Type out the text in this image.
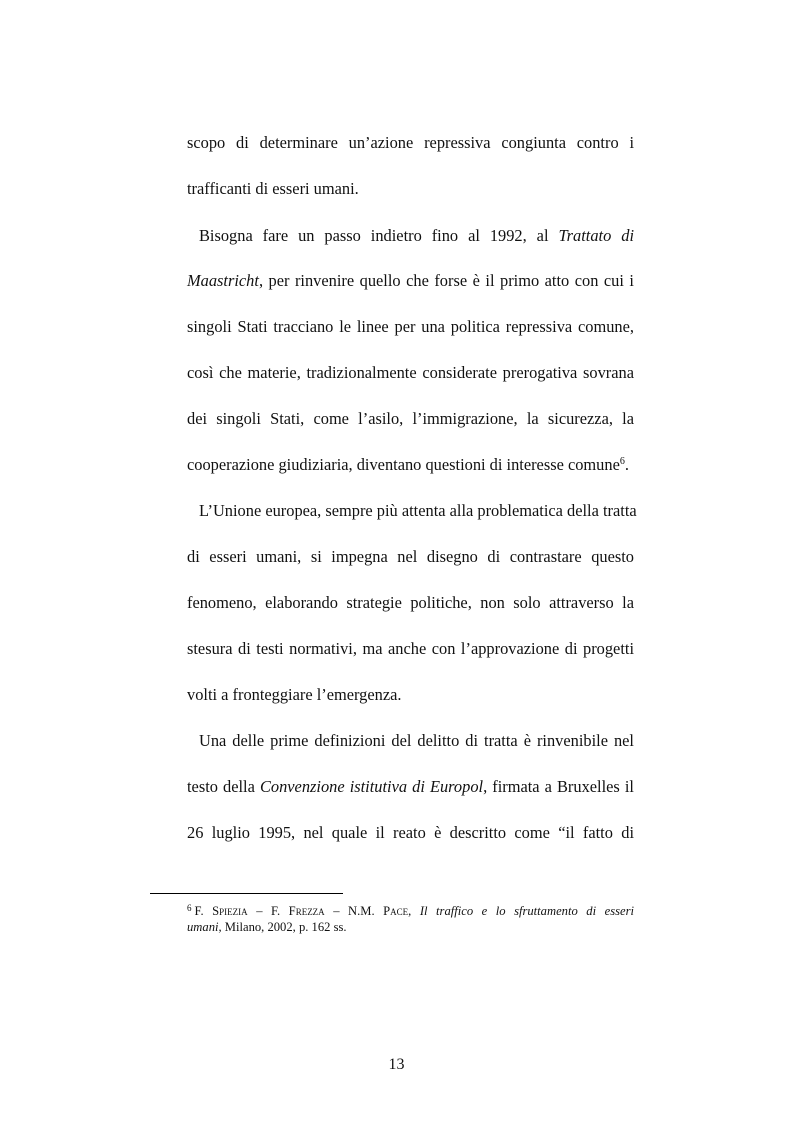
scopo di determinare un’azione repressiva congiunta contro i
trafficanti di esseri umani.
Bisogna fare un passo indietro fino al 1992, al Trattato di
Maastricht, per rinvenire quello che forse è il primo atto con cui i
singoli Stati tracciano le linee per una politica repressiva comune,
così che materie, tradizionalmente considerate prerogativa sovrana
dei singoli Stati, come l’asilo, l’immigrazione, la sicurezza, la
cooperazione giudiziaria, diventano questioni di interesse comune$^6$.
L’Unione europea, sempre più attenta alla problematica della tratta
di esseri umani, si impegna nel disegno di contrastare questo
fenomeno, elaborando strategie politiche, non solo attraverso la
stesura di testi normativi, ma anche con l’approvazione di progetti
volti a fronteggiare l’emergenza.
Una delle prime definizioni del delitto di tratta è rinvenibile nel
testo della Convenzione istitutiva di Europol, firmata a Bruxelles il
26 luglio 1995, nel quale il reato è descritto come “il fatto di
$^6$ F. Spiezia – F. Frezza – N.M. Pace, Il traffico e lo sfruttamento di esseri
umani, Milano, 2002, p. 162 ss.
13
